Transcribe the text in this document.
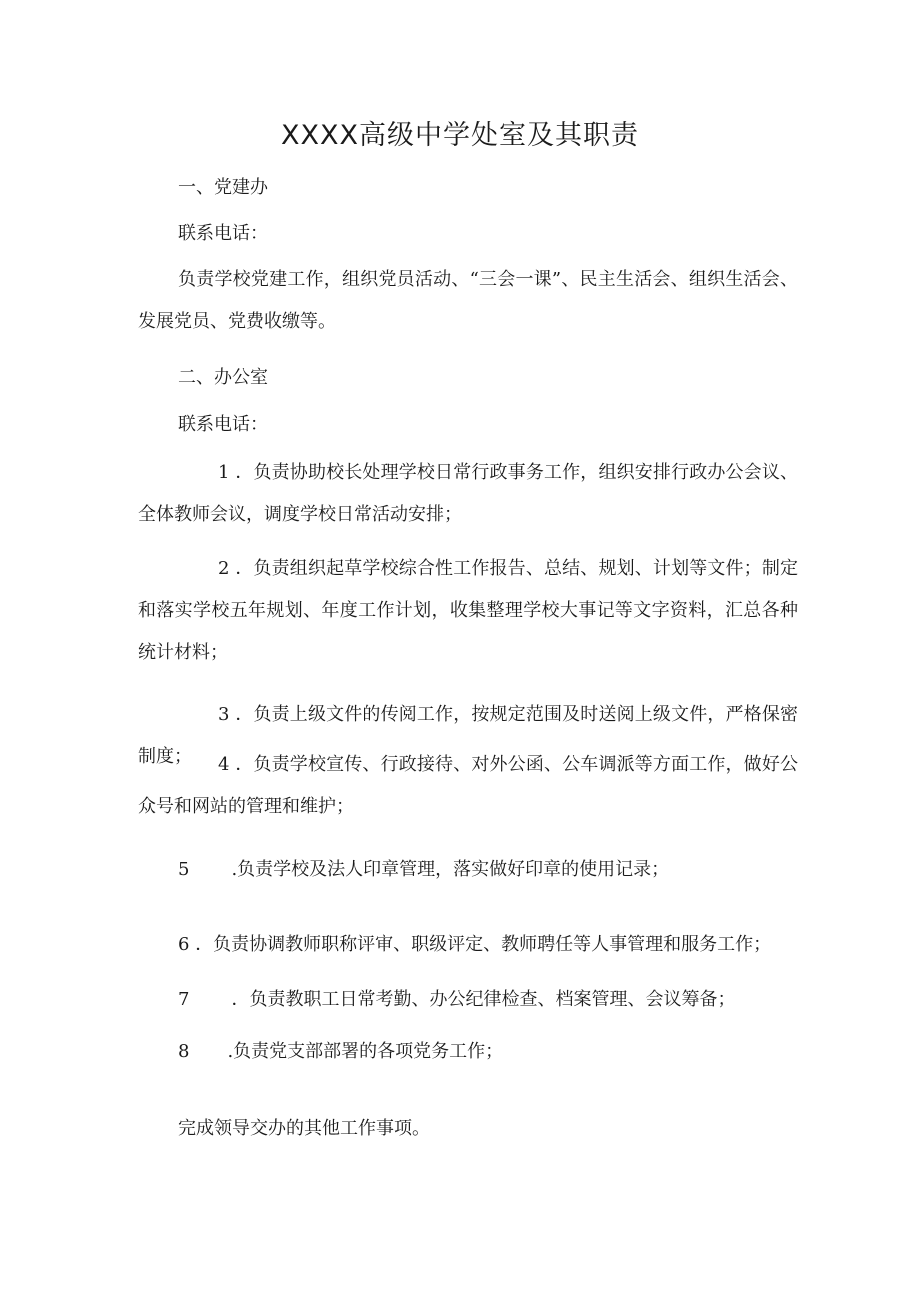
XXXX高级中学处室及其职责
一、党建办
联系电话：
负责学校党建工作，组织党员活动、“三会一课”、民主生活会、组织生活会、发展党员、党费收缴等。
二、办公室
联系电话：
1 ．负责协助校长处理学校日常行政事务工作，组织安排行政办公会议、全体教师会议，调度学校日常活动安排；
2 ．负责组织起草学校综合性工作报告、总结、规划、计划等文件；制定和落实学校五年规划、年度工作计划，收集整理学校大事记等文字资料，汇总各种统计材料；
3 ．负责上级文件的传阅工作，按规定范围及时送阅上级文件，严格保密制度；	4 ．负责学校宣传、行政接待、对外公函、公车调派等方面工作，做好公众号和网站的管理和维护；
5 .负责学校及法人印章管理，落实做好印章的使用记录；
6 ．负责协调教师职称评审、职级评定、教师聘任等人事管理和服务工作；
7 ．负责教职工日常考勤、办公纪律检查、档案管理、会议筹备；
8 .负责党支部部署的各项党务工作；
完成领导交办的其他工作事项。
